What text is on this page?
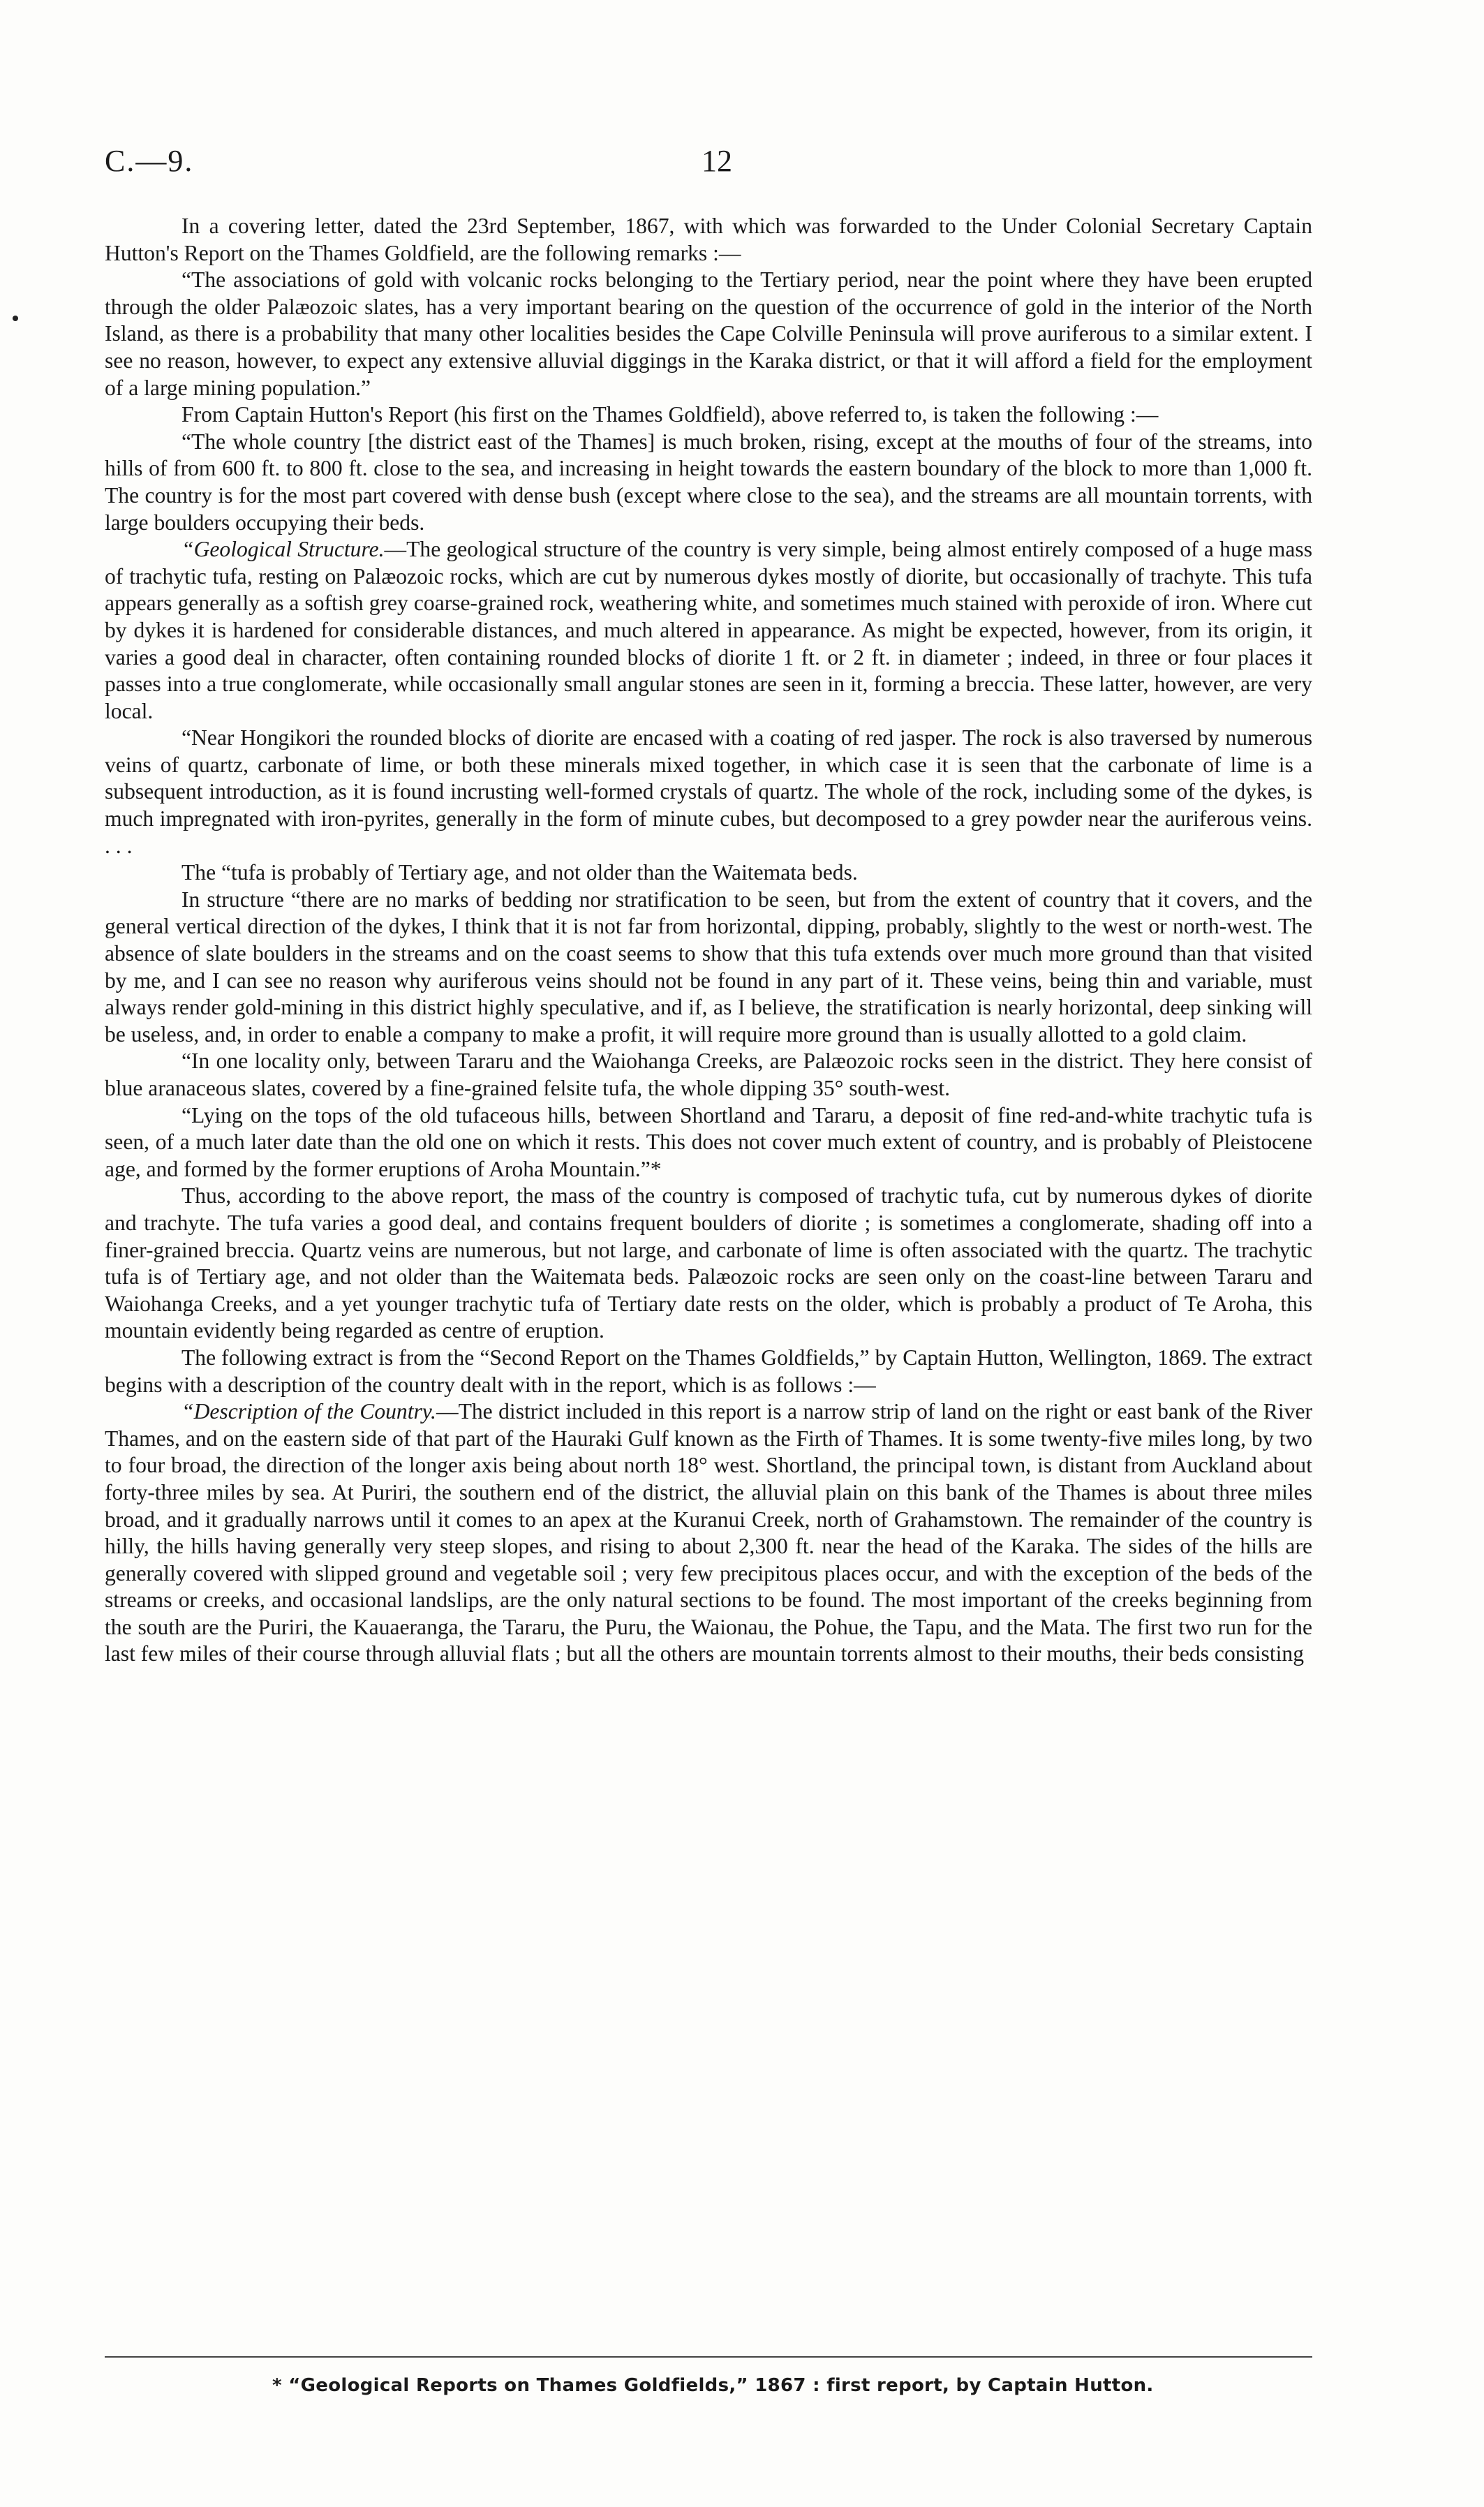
C.—9.	12

In a covering letter, dated the 23rd September, 1867, with which was forwarded to the Under Colonial Secretary Captain Hutton's Report on the Thames Goldfield, are the following remarks :—

“The associations of gold with volcanic rocks belonging to the Tertiary period, near the point where they have been erupted through the older Palæozoic slates, has a very important bearing on the question of the occurrence of gold in the interior of the North Island, as there is a probability that many other localities besides the Cape Colville Peninsula will prove auriferous to a similar extent. I see no reason, however, to expect any extensive alluvial diggings in the Karaka district, or that it will afford a field for the employment of a large mining population.”

From Captain Hutton's Report (his first on the Thames Goldfield), above referred to, is taken the following :—

“The whole country [the district east of the Thames] is much broken, rising, except at the mouths of four of the streams, into hills of from 600 ft. to 800 ft. close to the sea, and increasing in height towards the eastern boundary of the block to more than 1,000 ft. The country is for the most part covered with dense bush (except where close to the sea), and the streams are all mountain torrents, with large boulders occupying their beds.

“Geological Structure.—The geological structure of the country is very simple, being almost entirely composed of a huge mass of trachytic tufa, resting on Palæozoic rocks, which are cut by numerous dykes mostly of diorite, but occasionally of trachyte. This tufa appears generally as a softish grey coarse-grained rock, weathering white, and sometimes much stained with peroxide of iron. Where cut by dykes it is hardened for considerable distances, and much altered in appearance. As might be expected, however, from its origin, it varies a good deal in character, often containing rounded blocks of diorite 1 ft. or 2 ft. in diameter ; indeed, in three or four places it passes into a true conglomerate, while occasionally small angular stones are seen in it, forming a breccia. These latter, however, are very local.

“Near Hongikori the rounded blocks of diorite are encased with a coating of red jasper. The rock is also traversed by numerous veins of quartz, carbonate of lime, or both these minerals mixed together, in which case it is seen that the carbonate of lime is a subsequent introduction, as it is found incrusting well-formed crystals of quartz. The whole of the rock, including some of the dykes, is much impregnated with iron-pyrites, generally in the form of minute cubes, but decomposed to a grey powder near the auriferous veins. . . .

The “tufa is probably of Tertiary age, and not older than the Waitemata beds.

In structure “there are no marks of bedding nor stratification to be seen, but from the extent of country that it covers, and the general vertical direction of the dykes, I think that it is not far from horizontal, dipping, probably, slightly to the west or north-west. The absence of slate boulders in the streams and on the coast seems to show that this tufa extends over much more ground than that visited by me, and I can see no reason why auriferous veins should not be found in any part of it. These veins, being thin and variable, must always render gold-mining in this district highly speculative, and if, as I believe, the stratification is nearly horizontal, deep sinking will be useless, and, in order to enable a company to make a profit, it will require more ground than is usually allotted to a gold claim.

“In one locality only, between Tararu and the Waiohanga Creeks, are Palæozoic rocks seen in the district. They here consist of blue aranaceous slates, covered by a fine-grained felsite tufa, the whole dipping 35° south-west.

“Lying on the tops of the old tufaceous hills, between Shortland and Tararu, a deposit of fine red-and-white trachytic tufa is seen, of a much later date than the old one on which it rests. This does not cover much extent of country, and is probably of Pleistocene age, and formed by the former eruptions of Aroha Mountain.”*

Thus, according to the above report, the mass of the country is composed of trachytic tufa, cut by numerous dykes of diorite and trachyte. The tufa varies a good deal, and contains frequent boulders of diorite ; is sometimes a conglomerate, shading off into a finer-grained breccia. Quartz veins are numerous, but not large, and carbonate of lime is often associated with the quartz. The trachytic tufa is of Tertiary age, and not older than the Waitemata beds. Palæozoic rocks are seen only on the coast-line between Tararu and Waiohanga Creeks, and a yet younger trachytic tufa of Tertiary date rests on the older, which is probably a product of Te Aroha, this mountain evidently being regarded as centre of eruption.

The following extract is from the “Second Report on the Thames Goldfields,” by Captain Hutton, Wellington, 1869. The extract begins with a description of the country dealt with in the report, which is as follows :—

“Description of the Country.—The district included in this report is a narrow strip of land on the right or east bank of the River Thames, and on the eastern side of that part of the Hauraki Gulf known as the Firth of Thames. It is some twenty-five miles long, by two to four broad, the direction of the longer axis being about north 18° west. Shortland, the principal town, is distant from Auckland about forty-three miles by sea. At Puriri, the southern end of the district, the alluvial plain on this bank of the Thames is about three miles broad, and it gradually narrows until it comes to an apex at the Kuranui Creek, north of Grahamstown. The remainder of the country is hilly, the hills having generally very steep slopes, and rising to about 2,300 ft. near the head of the Karaka. The sides of the hills are generally covered with slipped ground and vegetable soil ; very few precipitous places occur, and with the exception of the beds of the streams or creeks, and occasional landslips, are the only natural sections to be found. The most important of the creeks beginning from the south are the Puriri, the Kauaeranga, the Tararu, the Puru, the Waionau, the Pohue, the Tapu, and the Mata. The first two run for the last few miles of their course through alluvial flats ; but all the others are mountain torrents almost to their mouths, their beds consisting

* “Geological Reports on Thames Goldfields,” 1867 : first report, by Captain Hutton.
